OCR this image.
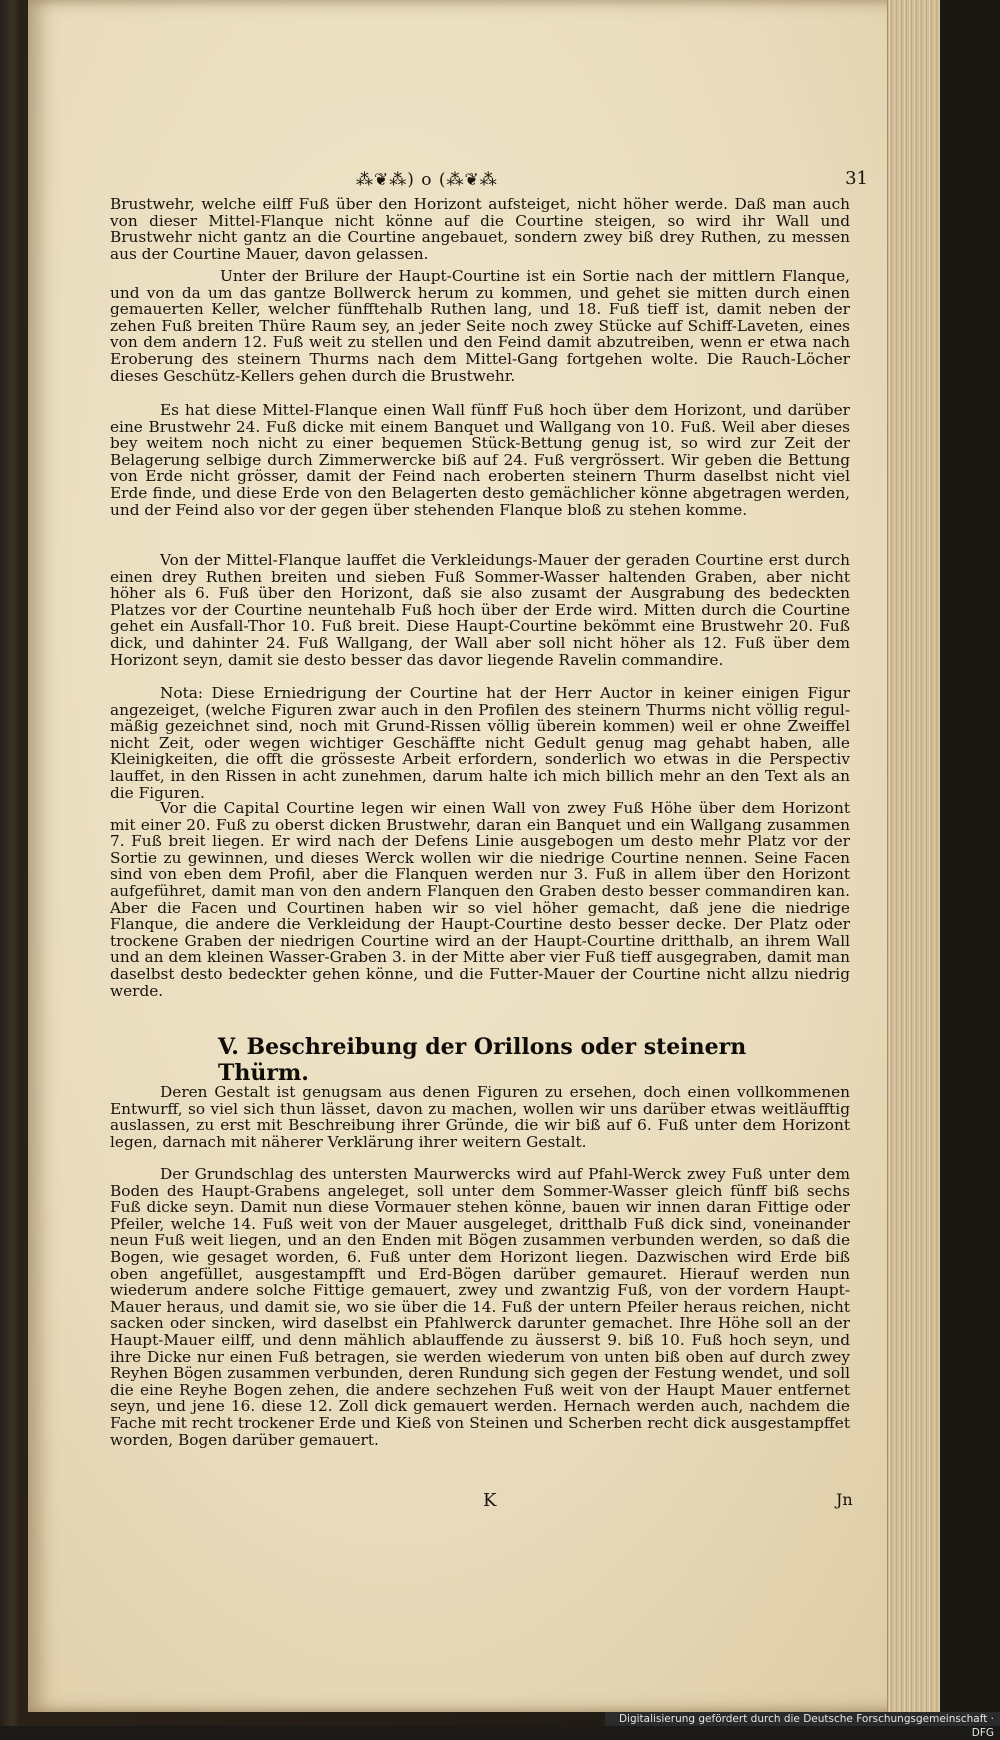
⁂❦⁂) o (⁂❦⁂	31

Brustwehr, welche eilff Fuß über den Horizont aufsteiget, nicht höher werde. Daß man auch von dieser Mittel-Flanque nicht könne auf die Courtine steigen, so wird ihr Wall und Brustwehr nicht gantz an die Courtine angebauet, sondern zwey biß drey Ruthen, zu messen aus der Courtine Mauer, davon gelassen.

Unter der Brilure der Haupt-Courtine ist ein Sortie nach der mittlern Flanque, und von da um das gantze Bollwerck herum zu kommen, und gehet sie mitten durch einen gemauerten Keller, welcher fünfftehalb Ruthen lang, und 18. Fuß tieff ist, damit neben der zehen Fuß breiten Thüre Raum sey, an jeder Seite noch zwey Stücke auf Schiff-Laveten, eines von dem andern 12. Fuß weit zu stellen und den Feind damit abzutreiben, wenn er etwa nach Eroberung des steinern Thurms nach dem Mittel-Gang fortgehen wolte. Die Rauch-Löcher dieses Geschütz-Kellers gehen durch die Brustwehr.

Es hat diese Mittel-Flanque einen Wall fünff Fuß hoch über dem Horizont, und darüber eine Brustwehr 24. Fuß dicke mit einem Banquet und Wallgang von 10. Fuß. Weil aber dieses bey weitem noch nicht zu einer bequemen Stück-Bettung genug ist, so wird zur Zeit der Belagerung selbige durch Zimmerwercke biß auf 24. Fuß vergrössert. Wir geben die Bettung von Erde nicht grösser, damit der Feind nach eroberten steinern Thurm daselbst nicht viel Erde finde, und diese Erde von den Belagerten desto gemächlicher könne abgetragen werden, und der Feind also vor der gegen über stehenden Flanque bloß zu stehen komme.

Von der Mittel-Flanque lauffet die Verkleidungs-Mauer der geraden Courtine erst durch einen drey Ruthen breiten und sieben Fuß Sommer-Wasser haltenden Graben, aber nicht höher als 6. Fuß über den Horizont, daß sie also zusamt der Ausgrabung des bedeckten Platzes vor der Courtine neuntehalb Fuß hoch über der Erde wird. Mitten durch die Courtine gehet ein Ausfall-Thor 10. Fuß breit. Diese Haupt-Courtine bekömmt eine Brustwehr 20. Fuß dick, und dahinter 24. Fuß Wallgang, der Wall aber soll nicht höher als 12. Fuß über dem Horizont seyn, damit sie desto besser das davor liegende Ravelin commandire.

Nota: Diese Erniedrigung der Courtine hat der Herr Auctor in keiner einigen Figur angezeiget, (welche Figuren zwar auch in den Profilen des steinern Thurms nicht völlig regul-mäßig gezeichnet sind, noch mit Grund-Rissen völlig überein kommen) weil er ohne Zweiffel nicht Zeit, oder wegen wichtiger Geschäffte nicht Gedult genug mag gehabt haben, alle Kleinigkeiten, die offt die grösseste Arbeit erfordern, sonderlich wo etwas in die Perspectiv lauffet, in den Rissen in acht zunehmen, darum halte ich mich billich mehr an den Text als an die Figuren.

Vor die Capital Courtine legen wir einen Wall von zwey Fuß Höhe über dem Horizont mit einer 20. Fuß zu oberst dicken Brustwehr, daran ein Banquet und ein Wallgang zusammen 7. Fuß breit liegen. Er wird nach der Defens Linie ausgebogen um desto mehr Platz vor der Sortie zu gewinnen, und dieses Werck wollen wir die niedrige Courtine nennen. Seine Facen sind von eben dem Profil, aber die Flanquen werden nur 3. Fuß in allem über den Horizont aufgeführet, damit man von den andern Flanquen den Graben desto besser commandiren kan. Aber die Facen und Courtinen haben wir so viel höher gemacht, daß jene die niedrige Flanque, die andere die Verkleidung der Haupt-Courtine desto besser decke. Der Platz oder trockene Graben der niedrigen Courtine wird an der Haupt-Courtine dritthalb, an ihrem Wall und an dem kleinen Wasser-Graben 3. in der Mitte aber vier Fuß tieff ausgegraben, damit man daselbst desto bedeckter gehen könne, und die Futter-Mauer der Courtine nicht allzu niedrig werde.

V. Beschreibung der Orillons oder steinern Thürm.

Deren Gestalt ist genugsam aus denen Figuren zu ersehen, doch einen vollkommenen Entwurff, so viel sich thun lässet, davon zu machen, wollen wir uns darüber etwas weitläufftig auslassen, zu erst mit Beschreibung ihrer Gründe, die wir biß auf 6. Fuß unter dem Horizont legen, darnach mit näherer Verklärung ihrer weitern Gestalt.

Der Grundschlag des untersten Maurwercks wird auf Pfahl-Werck zwey Fuß unter dem Boden des Haupt-Grabens angeleget, soll unter dem Sommer-Wasser gleich fünff biß sechs Fuß dicke seyn. Damit nun diese Vormauer stehen könne, bauen wir innen daran Fittige oder Pfeiler, welche 14. Fuß weit von der Mauer ausgeleget, dritthalb Fuß dick sind, voneinander neun Fuß weit liegen, und an den Enden mit Bögen zusammen verbunden werden, so daß die Bogen, wie gesaget worden, 6. Fuß unter dem Horizont liegen. Dazwischen wird Erde biß oben angefüllet, ausgestampfft und Erd-Bögen darüber gemauret. Hierauf werden nun wiederum andere solche Fittige gemauert, zwey und zwantzig Fuß, von der vordern Haupt-Mauer heraus, und damit sie, wo sie über die 14. Fuß der untern Pfeiler heraus reichen, nicht sacken oder sincken, wird daselbst ein Pfahlwerck darunter gemachet. Ihre Höhe soll an der Haupt-Mauer eilff, und denn mählich ablauffende zu äusserst 9. biß 10. Fuß hoch seyn, und ihre Dicke nur einen Fuß betragen, sie werden wiederum von unten biß oben auf durch zwey Reyhen Bögen zusammen verbunden, deren Rundung sich gegen der Festung wendet, und soll die eine Reyhe Bogen zehen, die andere sechzehen Fuß weit von der Haupt Mauer entfernet seyn, und jene 16. diese 12. Zoll dick gemauert werden. Hernach werden auch, nachdem die Fache mit recht trockener Erde und Kieß von Steinen und Scherben recht dick ausgestampffet worden, Bogen darüber gemauert.

K	Jn
Digitalisierung gefördert durch die Deutsche Forschungsgemeinschaft ·
